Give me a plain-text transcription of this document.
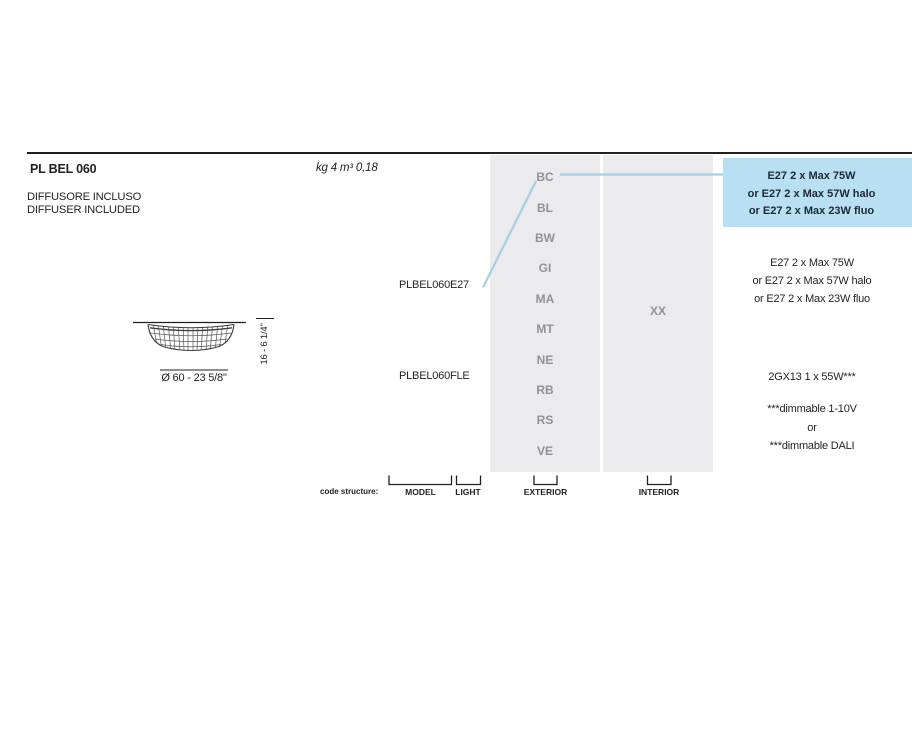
PL BEL 060
DIFFUSORE INCLUSO
DIFFUSER INCLUDED
kg 4 m³ 0,18
BC
BL
BW
GI
MA
MT
NE
RB
RS
VE
XX
PLBEL060E27
PLBEL060FLE
E27 2 x Max 75W
or E27 2 x Max 57W halo
or E27 2 x Max 23W fluo
E27 2 x Max 75W
or E27 2 x Max 57W halo
or E27 2 x Max 23W fluo
2GX13 1 x 55W***
***dimmable 1-10V
or
***dimmable DALI
Ø 60 - 23 5/8"
16 - 6 1/4"
code structure:	MODEL	LIGHT	EXTERIOR	INTERIOR
